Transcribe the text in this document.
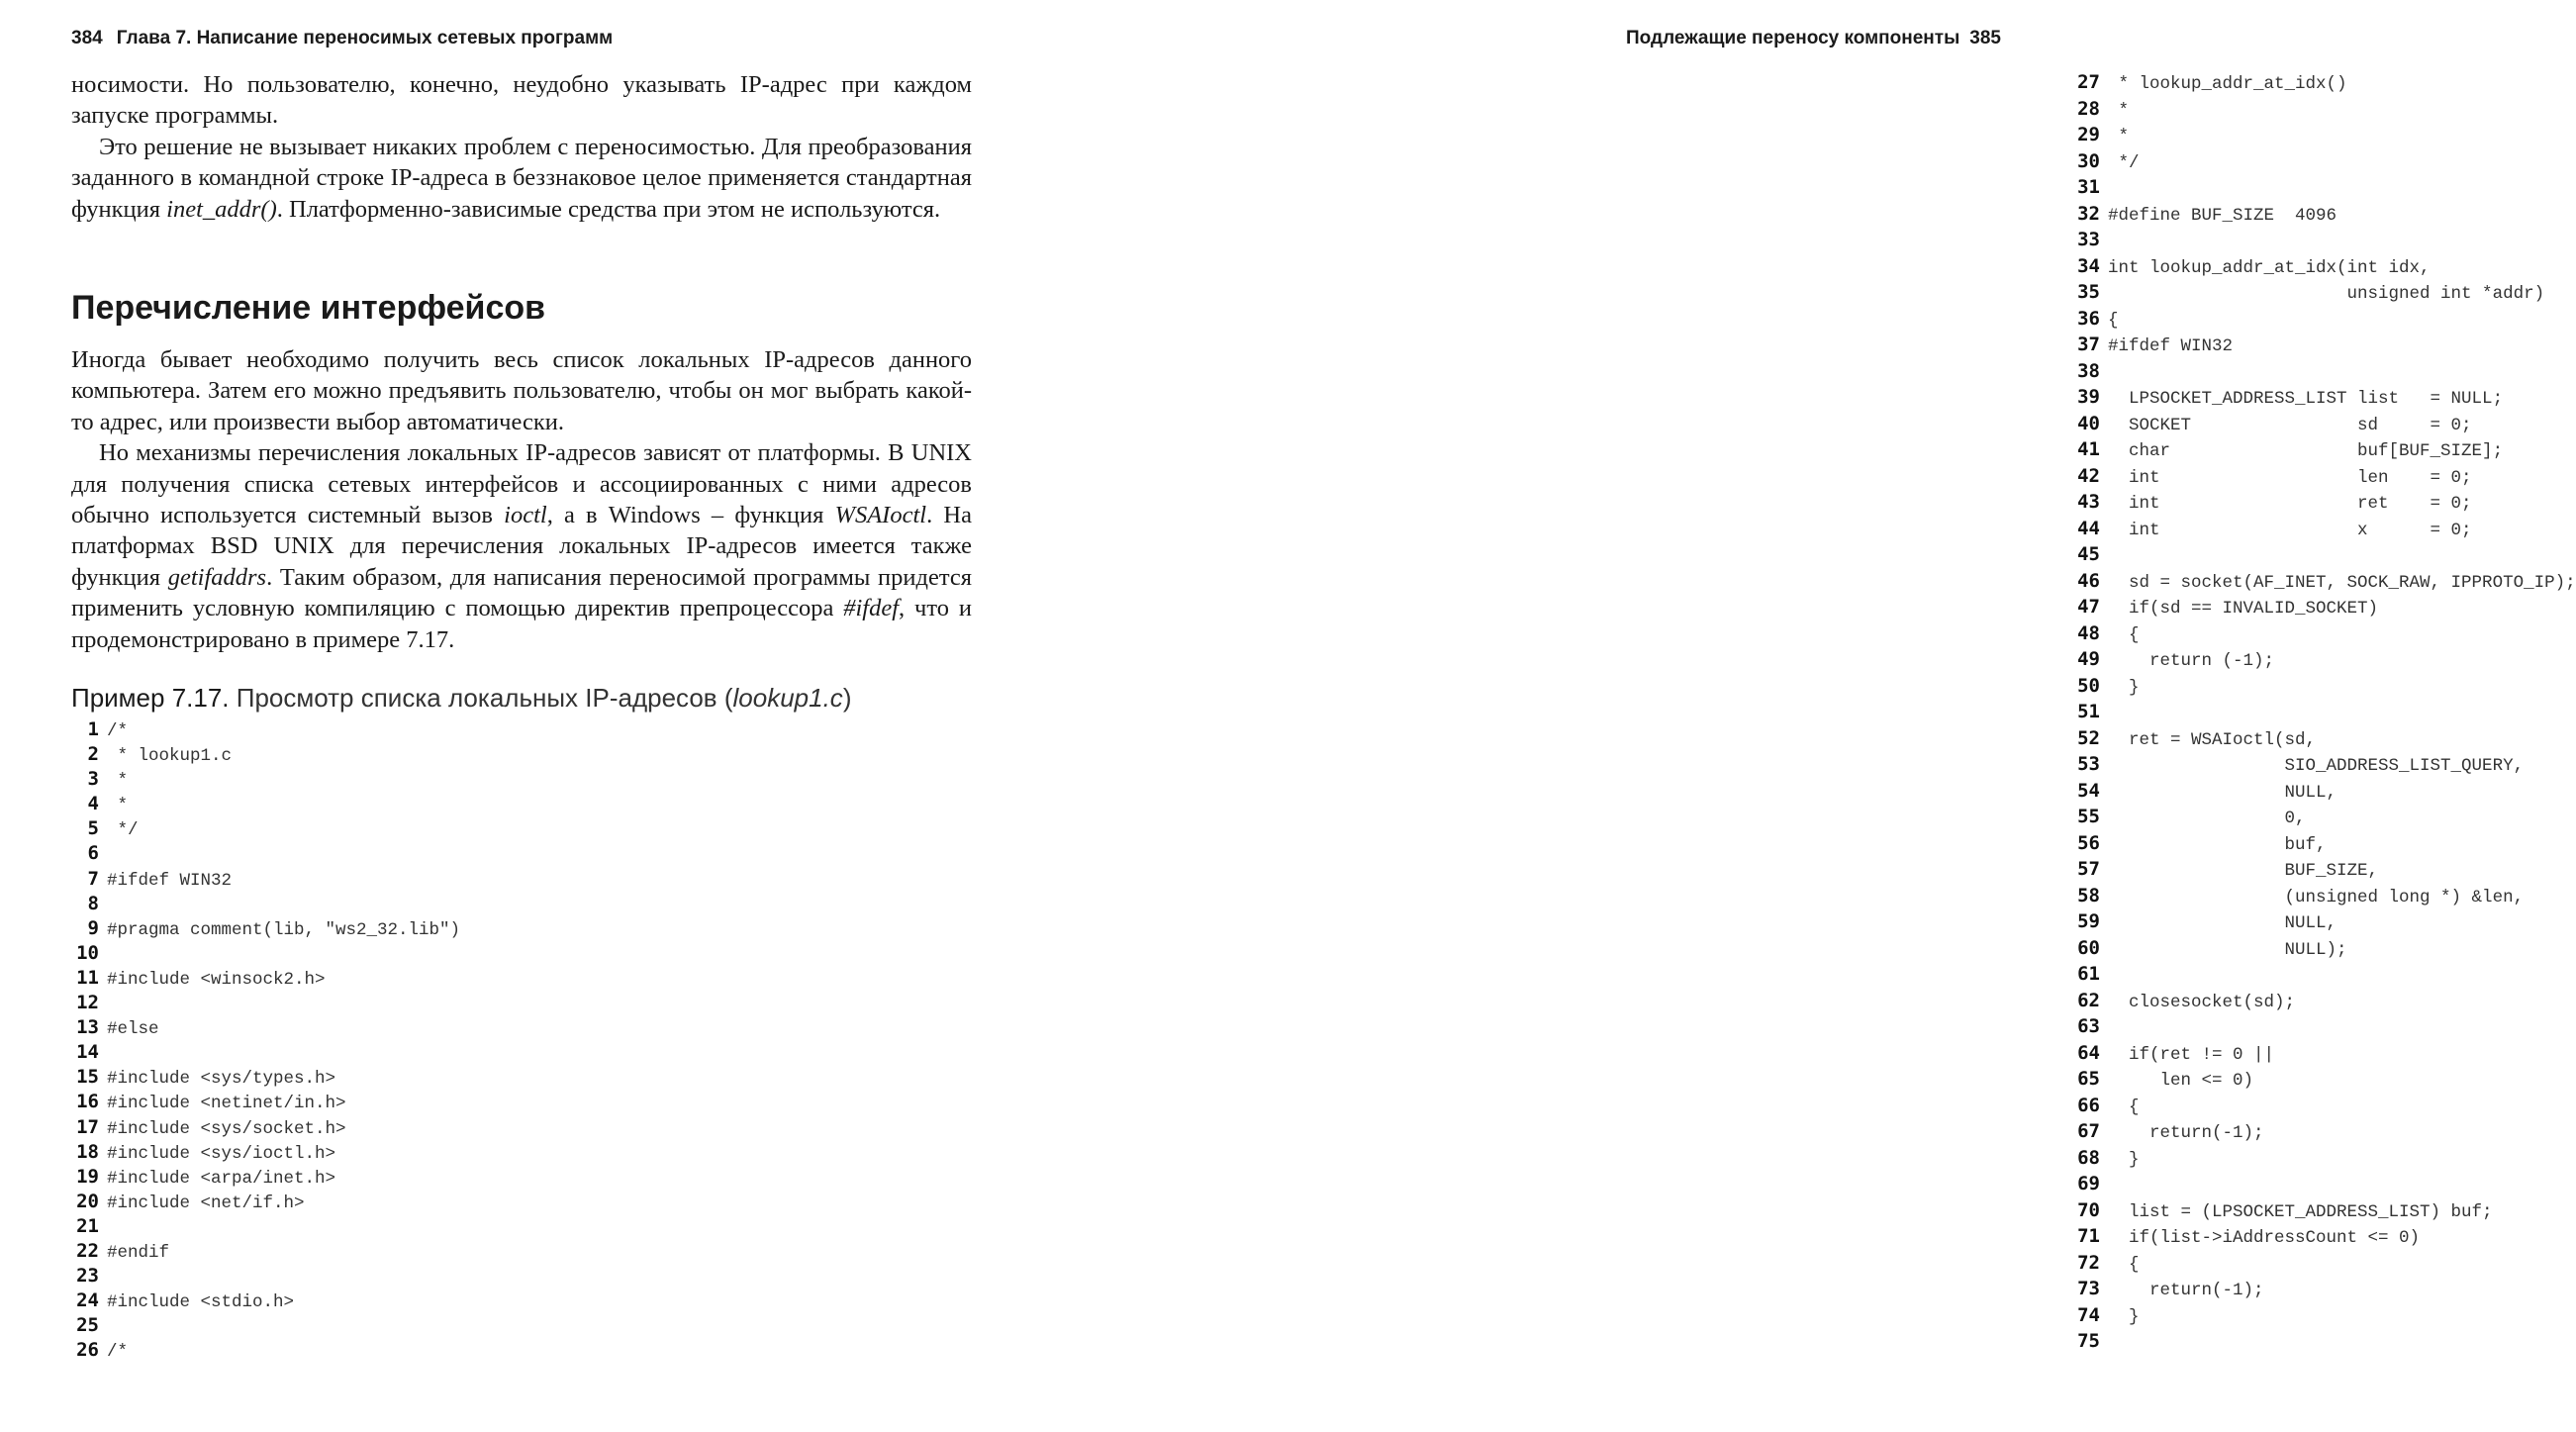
384 Глава 7. Написание переносимых сетевых программ

носимости. Но пользователю, конечно, неудобно указывать IP-адрес при каждом запуске программы.

Это решение не вызывает никаких проблем с переносимостью. Для преобразования заданного в командной строке IP-адреса в беззнаковое целое применяется стандартная функция inet_addr(). Платформенно-зависимые средства при этом не используются.

Перечисление интерфейсов

Иногда бывает необходимо получить весь список локальных IP-адресов данного компьютера. Затем его можно предъявить пользователю, чтобы он мог выбрать какой-то адрес, или произвести выбор автоматически.

Но механизмы перечисления локальных IP-адресов зависят от платформы. В UNIX для получения списка сетевых интерфейсов и ассоциированных с ними адресов обычно используется системный вызов ioctl, а в Windows – функция WSAIoctl. На платформах BSD UNIX для перечисления локальных IP-адресов имеется также функция getifaddrs. Таким образом, для написания переносимой программы придется применить условную компиляцию с помощью директив препроцессора #ifdef, что и продемонстрировано в примере 7.17.

Пример 7.17. Просмотр списка локальных IP-адресов (lookup1.c)
1 /*
2 * lookup1.c
3 *
4 *
5 */
6
7 #ifdef WIN32
8
9 #pragma comment(lib, "ws2_32.lib")
10
11 #include <winsock2.h>
12
13 #else
14
15 #include <sys/types.h>
16 #include <netinet/in.h>
17 #include <sys/socket.h>
18 #include <sys/ioctl.h>
19 #include <arpa/inet.h>
20 #include <net/if.h>
21
22 #endif
23
24 #include <stdio.h>
25
26 /*
Подлежащие переносу компоненты 385
27 * lookup_addr_at_idx()
28 *
29 *
30 */
31
32 #define BUF_SIZE  4096
33
34 int lookup_addr_at_idx(int idx,
35 unsigned int *addr)
36 {
37 #ifdef WIN32
38
39 LPSOCKET_ADDRESS_LIST list   = NULL;
40 SOCKET                sd     = 0;
41 char                  buf[BUF_SIZE];
42 int                   len    = 0;
43 int                   ret    = 0;
44 int                   x      = 0;
45
46 sd = socket(AF_INET, SOCK_RAW, IPPROTO_IP);
47 if(sd == INVALID_SOCKET)
48 {
49 return (-1);
50 }
51
52 ret = WSAIoctl(sd,
53 SIO_ADDRESS_LIST_QUERY,
54 NULL,
55 0,
56 buf,
57 BUF_SIZE,
58 (unsigned long *) &len,
59 NULL,
60 NULL);
61
62 closesocket(sd);
63
64 if(ret != 0 ||
65 len <= 0)
66 {
67 return(-1);
68 }
69
70 list = (LPSOCKET_ADDRESS_LIST) buf;
71 if(list->iAddressCount <= 0)
72 {
73 return(-1);
74 }
75
